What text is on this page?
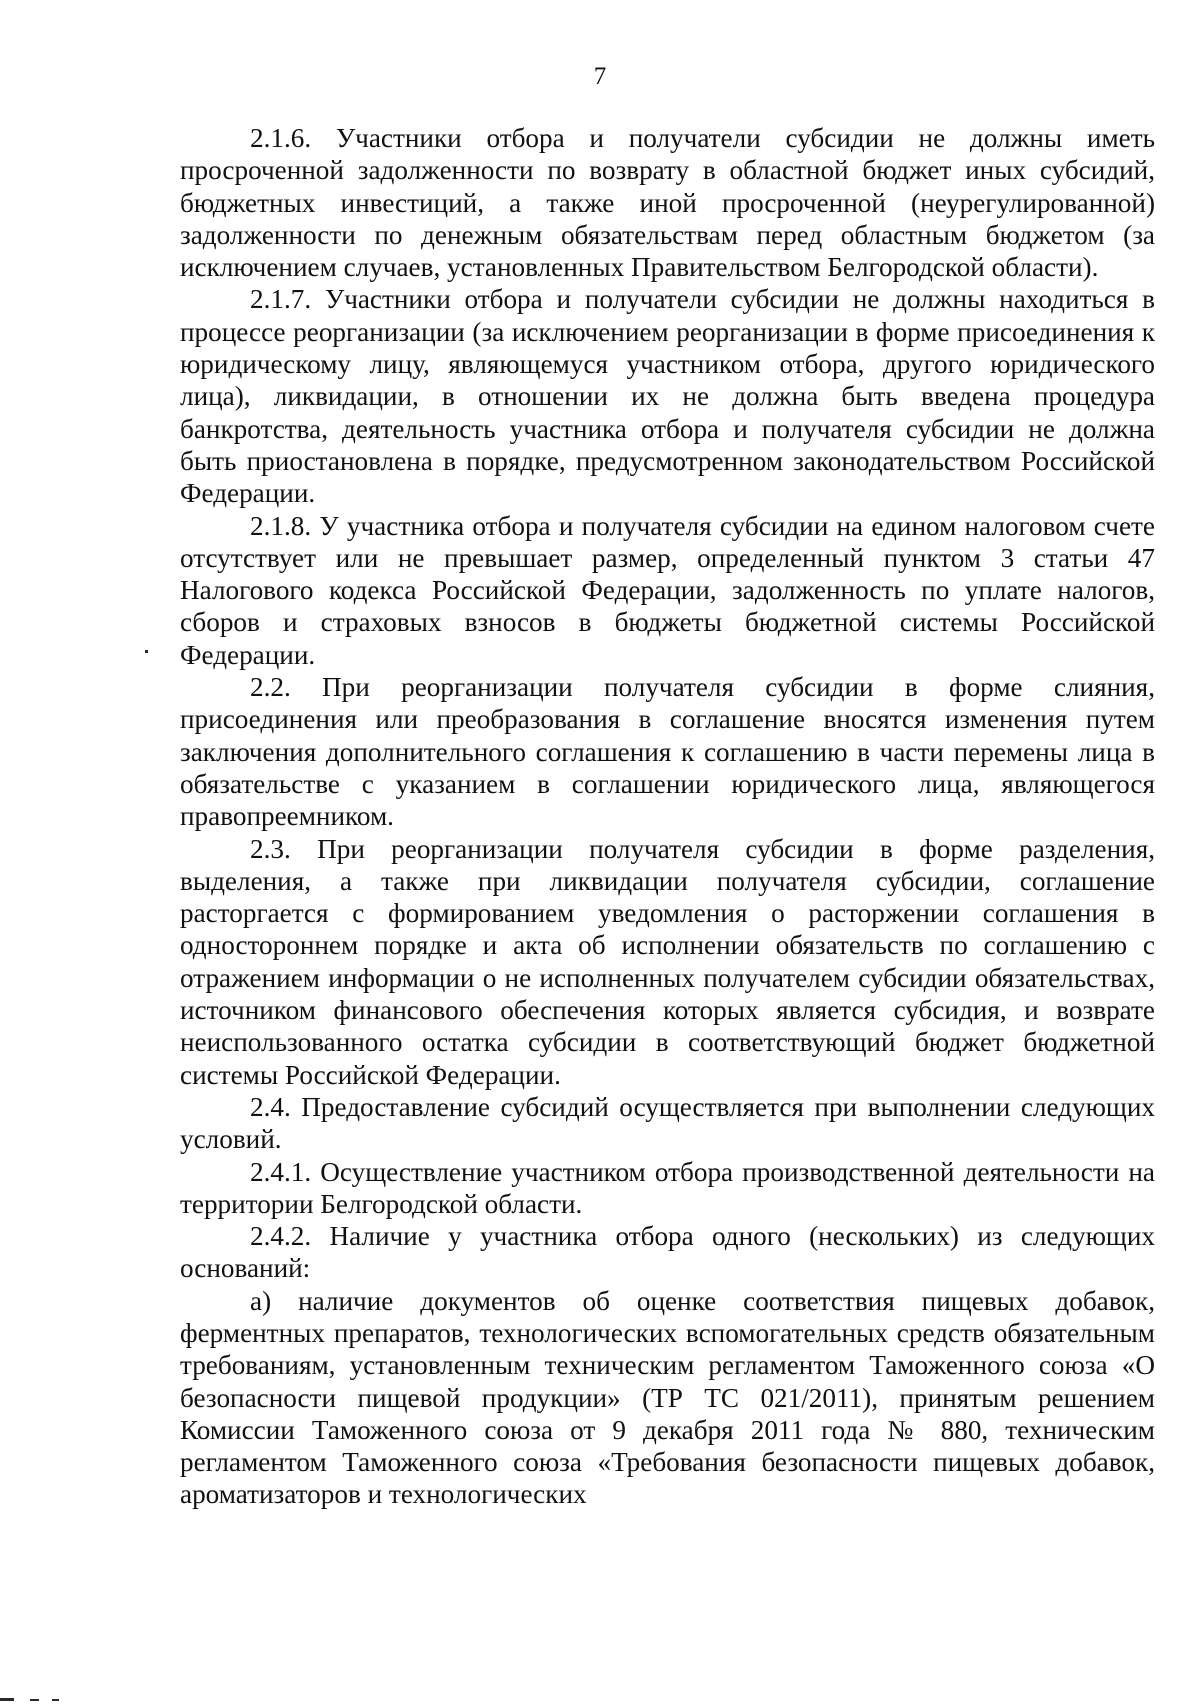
7

2.1.6. Участники отбора и получатели субсидии не должны иметь просроченной задолженности по возврату в областной бюджет иных субсидий, бюджетных инвестиций, а также иной просроченной (неурегулированной) задолженности по денежным обязательствам перед областным бюджетом (за исключением случаев, установленных Правительством Белгородской области).

2.1.7. Участники отбора и получатели субсидии не должны находиться в процессе реорганизации (за исключением реорганизации в форме присоединения к юридическому лицу, являющемуся участником отбора, другого юридического лица), ликвидации, в отношении их не должна быть введена процедура банкротства, деятельность участника отбора и получателя субсидии не должна быть приостановлена в порядке, предусмотренном законодательством Российской Федерации.

2.1.8. У участника отбора и получателя субсидии на едином налоговом счете отсутствует или не превышает размер, определенный пунктом 3 статьи 47 Налогового кодекса Российской Федерации, задолженность по уплате налогов, сборов и страховых взносов в бюджеты бюджетной системы Российской Федерации.

2.2. При реорганизации получателя субсидии в форме слияния, присоединения или преобразования в соглашение вносятся изменения путем заключения дополнительного соглашения к соглашению в части перемены лица в обязательстве с указанием в соглашении юридического лица, являющегося правопреемником.

2.3. При реорганизации получателя субсидии в форме разделения, выделения, а также при ликвидации получателя субсидии, соглашение расторгается с формированием уведомления о расторжении соглашения в одностороннем порядке и акта об исполнении обязательств по соглашению с отражением информации о не исполненных получателем субсидии обязательствах, источником финансового обеспечения которых является субсидия, и возврате неиспользованного остатка субсидии в соответствующий бюджет бюджетной системы Российской Федерации.

2.4. Предоставление субсидий осуществляется при выполнении следующих условий.

2.4.1. Осуществление участником отбора производственной деятельности на территории Белгородской области.

2.4.2. Наличие у участника отбора одного (нескольких) из следующих оснований:

а) наличие документов об оценке соответствия пищевых добавок, ферментных препаратов, технологических вспомогательных средств обязательным требованиям, установленным техническим регламентом Таможенного союза «О безопасности пищевой продукции» (ТР ТС 021/2011), принятым решением Комиссии Таможенного союза от 9 декабря 2011 года № 880, техническим регламентом Таможенного союза «Требования безопасности пищевых добавок, ароматизаторов и технологических
